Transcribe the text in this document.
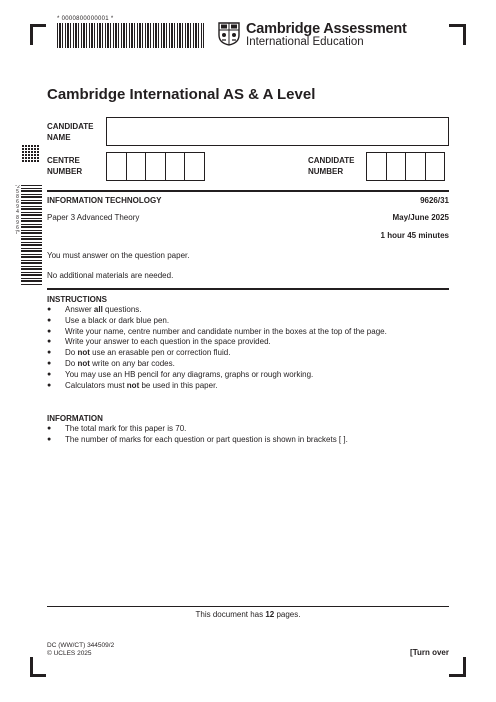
* 0000800000001 *
Cambridge Assessment
International Education
Cambridge International AS & A Level
CANDIDATE
NAME
CENTRE
NUMBER
CANDIDATE
NUMBER
*2586948967*
INFORMATION TECHNOLOGY	9626/31
Paper 3 Advanced Theory	May/June 2025
1 hour 45 minutes
You must answer on the question paper.
No additional materials are needed.
INSTRUCTIONS
● Answer all questions.
● Use a black or dark blue pen.
● Write your name, centre number and candidate number in the boxes at the top of the page.
● Write your answer to each question in the space provided.
● Do not use an erasable pen or correction fluid.
● Do not write on any bar codes.
● You may use an HB pencil for any diagrams, graphs or rough working.
● Calculators must not be used in this paper.
INFORMATION
● The total mark for this paper is 70.
● The number of marks for each question or part question is shown in brackets [ ].
This document has 12 pages.
DC (WW/CT) 344509/2
© UCLES 2025	[Turn over
